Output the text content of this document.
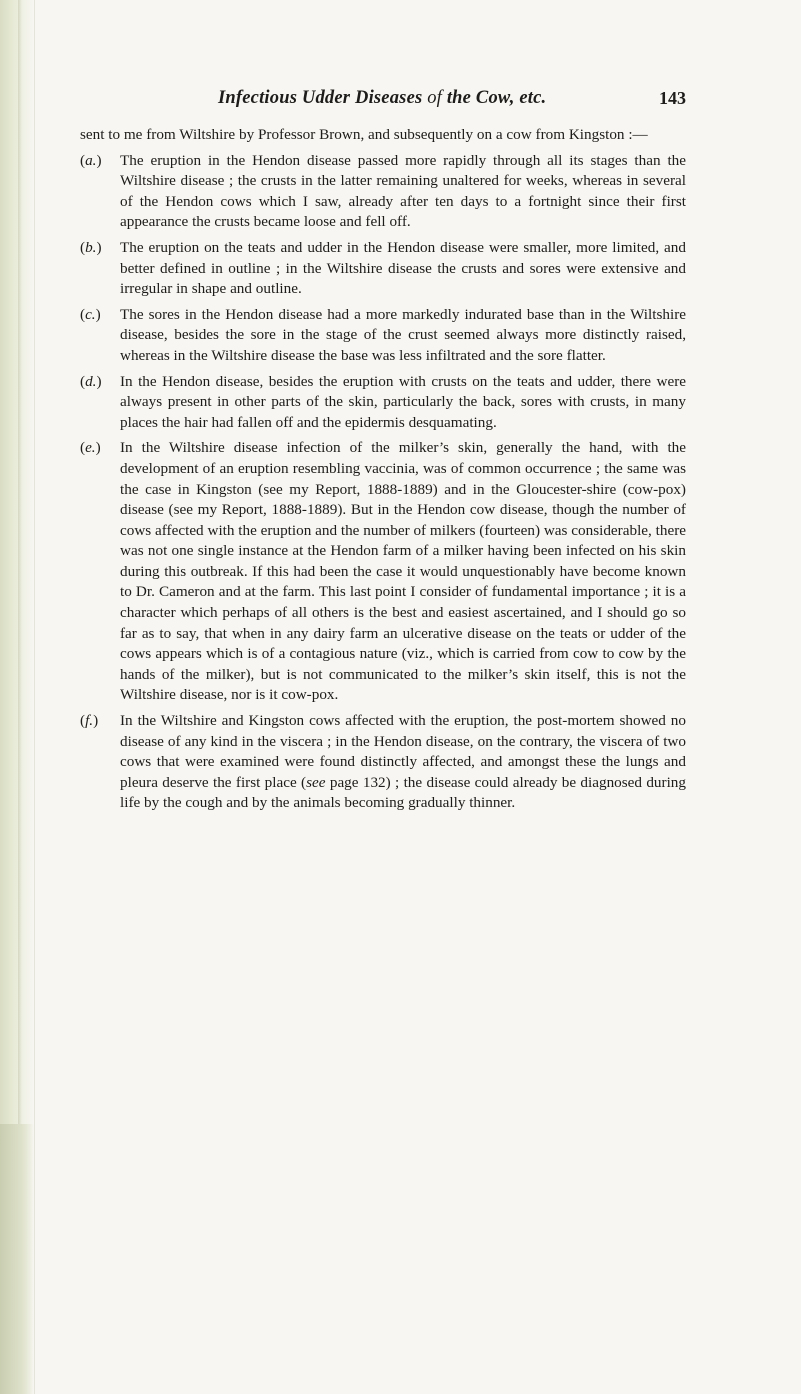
Infectious Udder Diseases of the Cow, etc.	143

sent to me from Wiltshire by Professor Brown, and subsequently on a cow from Kingston :—

(a.) The eruption in the Hendon disease passed more rapidly through all its stages than the Wiltshire disease ; the crusts in the latter remaining unaltered for weeks, whereas in several of the Hendon cows which I saw, already after ten days to a fortnight since their first appearance the crusts became loose and fell off.

(b.) The eruption on the teats and udder in the Hendon disease were smaller, more limited, and better defined in outline ; in the Wiltshire disease the crusts and sores were extensive and irregular in shape and outline.

(c.) The sores in the Hendon disease had a more markedly indurated base than in the Wiltshire disease, besides the sore in the stage of the crust seemed always more distinctly raised, whereas in the Wiltshire disease the base was less infiltrated and the sore flatter.

(d.) In the Hendon disease, besides the eruption with crusts on the teats and udder, there were always present in other parts of the skin, particularly the back, sores with crusts, in many places the hair had fallen off and the epidermis desquamating.

(e.) In the Wiltshire disease infection of the milker’s skin, generally the hand, with the development of an eruption resembling vaccinia, was of common occurrence ; the same was the case in Kingston (see my Report, 1888-1889) and in the Gloucester-shire (cow-pox) disease (see my Report, 1888-1889). But in the Hendon cow disease, though the number of cows affected with the eruption and the number of milkers (fourteen) was considerable, there was not one single instance at the Hendon farm of a milker having been infected on his skin during this outbreak. If this had been the case it would unquestionably have become known to Dr. Cameron and at the farm. This last point I consider of fundamental importance ; it is a character which perhaps of all others is the best and easiest ascertained, and I should go so far as to say, that when in any dairy farm an ulcerative disease on the teats or udder of the cows appears which is of a contagious nature (viz., which is carried from cow to cow by the hands of the milker), but is not communicated to the milker’s skin itself, this is not the Wiltshire disease, nor is it cow-pox.

(f.) In the Wiltshire and Kingston cows affected with the eruption, the post-mortem showed no disease of any kind in the viscera ; in the Hendon disease, on the contrary, the viscera of two cows that were examined were found distinctly affected, and amongst these the lungs and pleura deserve the first place (see page 132) ; the disease could already be diagnosed during life by the cough and by the animals becoming gradually thinner.
